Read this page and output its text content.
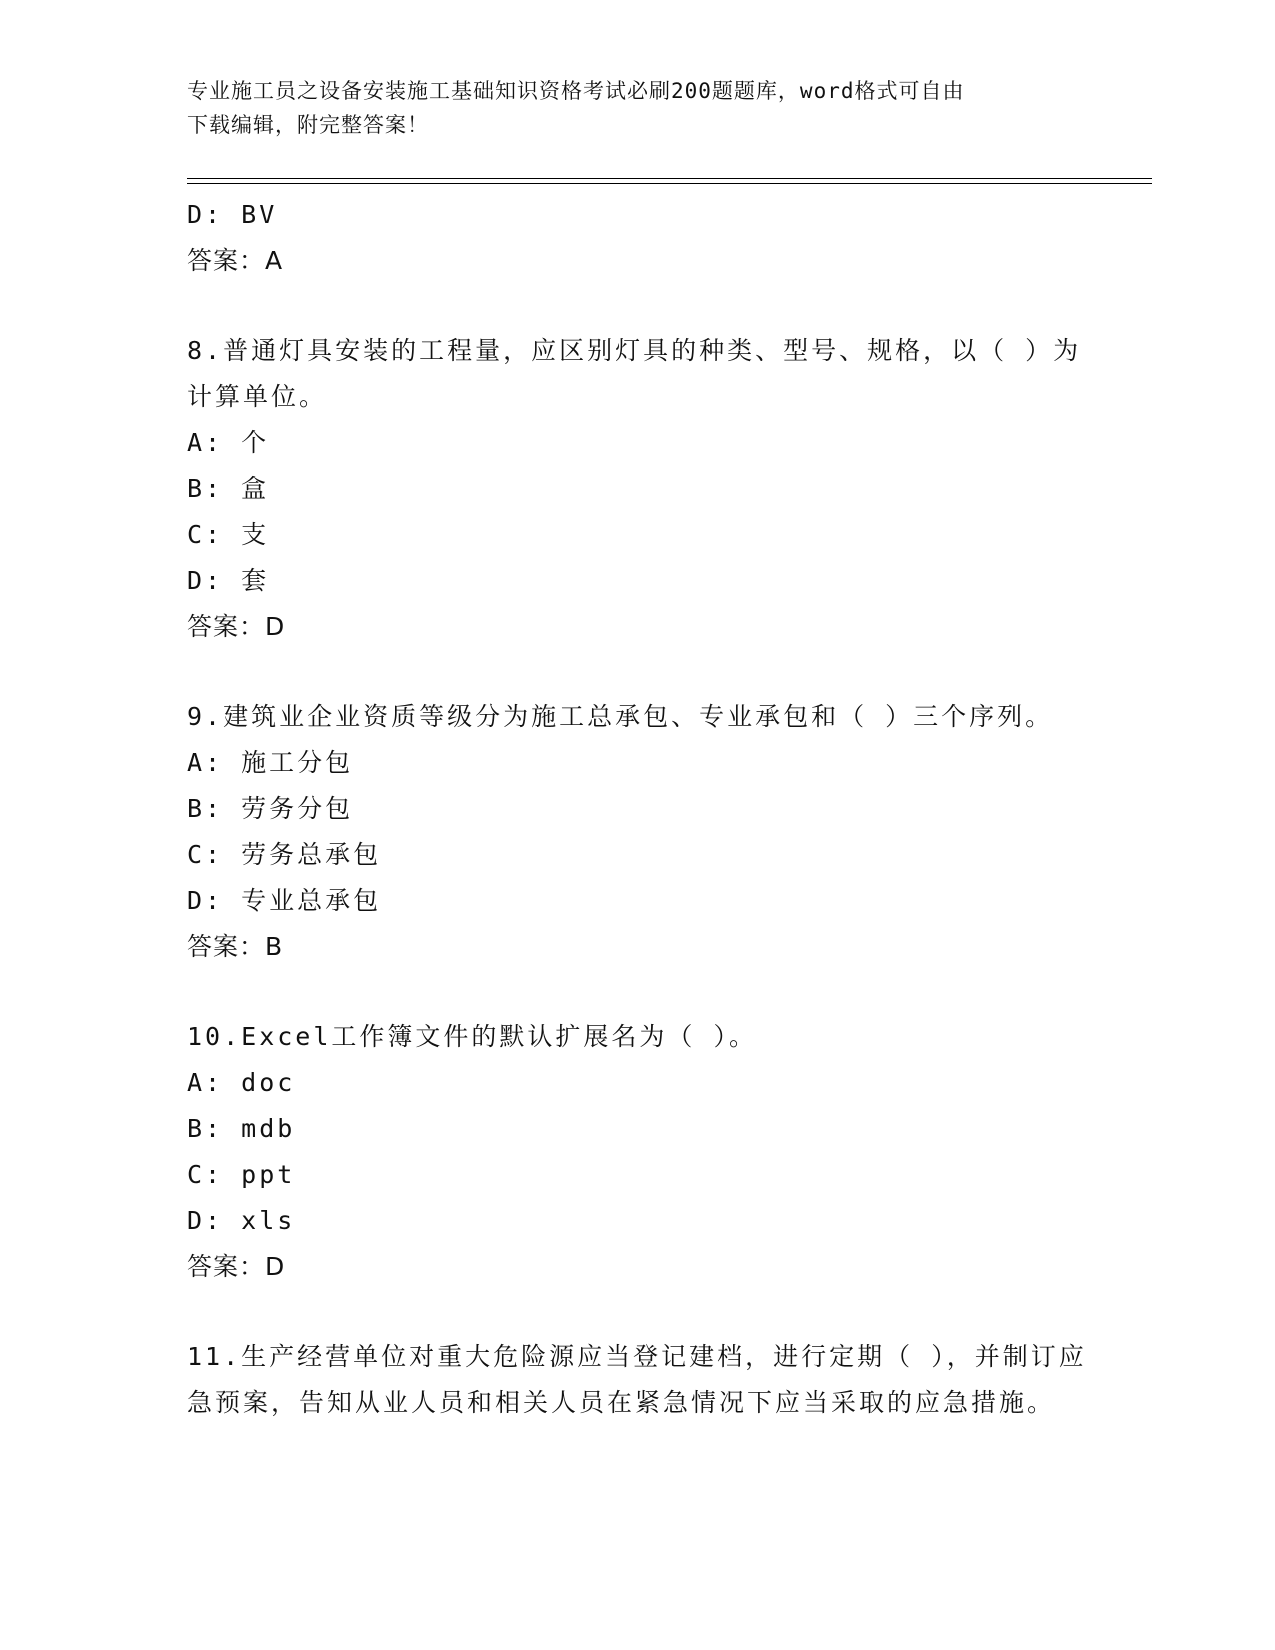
专业施工员之设备安装施工基础知识资格考试必刷200题题库，word格式可自由
下载编辑，附完整答案！
D: BV
答案：A
8.普通灯具安装的工程量，应区别灯具的种类、型号、规格，以（ ）为计算单位。
A: 个
B: 盒
C: 支
D: 套
答案：D
9.建筑业企业资质等级分为施工总承包、专业承包和（ ）三个序列。
A: 施工分包
B: 劳务分包
C: 劳务总承包
D: 专业总承包
答案：B
10.Excel工作簿文件的默认扩展名为（ ）。
A: doc
B: mdb
C: ppt
D: xls
答案：D
11.生产经营单位对重大危险源应当登记建档，进行定期（ ），并制订应急预案，告知从业人员和相关人员在紧急情况下应当采取的应急措施。
